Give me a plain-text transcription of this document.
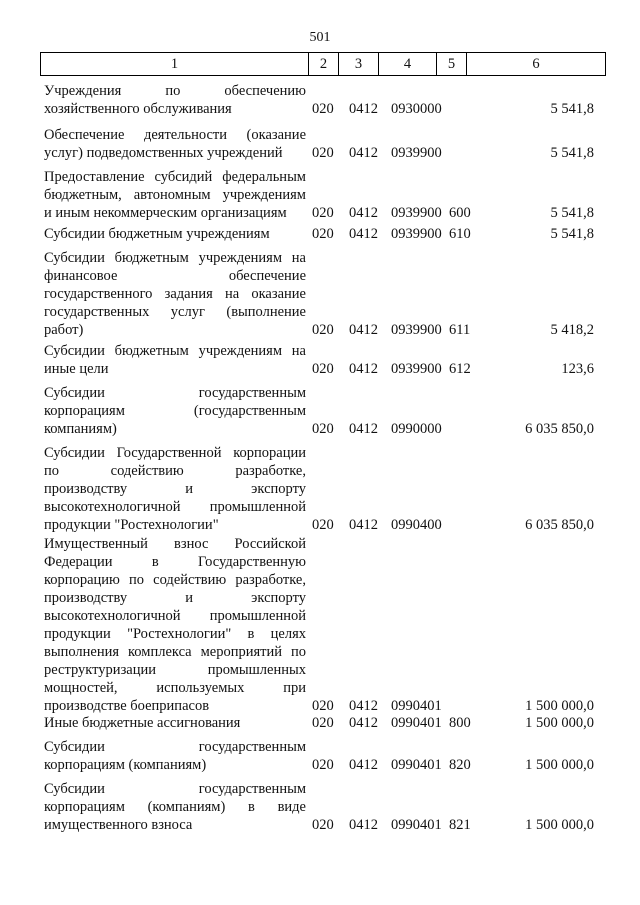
501
1	2	3	4	5	6
Учреждения по обеспечению
хозяйственного обслуживания	020 0412 0930000	5 541,8
Обеспечение деятельности (оказание
услуг) подведомственных учреждений	020 0412 0939900	5 541,8
Предоставление субсидий федеральным
бюджетным, автономным учреждениям
и иным некоммерческим организациям	020 0412 0939900 600	5 541,8
Субсидии бюджетным учреждениям	020 0412 0939900 610	5 541,8
Субсидии бюджетным учреждениям на
финансовое обеспечение
государственного задания на оказание
государственных услуг (выполнение
работ)	020 0412 0939900 611	5 418,2
Субсидии бюджетным учреждениям на
иные цели	020 0412 0939900 612	123,6
Субсидии государственным
корпорациям (государственным
компаниям)	020 0412 0990000	6 035 850,0
Субсидии Государственной корпорации
по содействию разработке,
производству и экспорту
высокотехнологичной промышленной
продукции "Ростехнологии"	020 0412 0990400	6 035 850,0
Имущественный взнос Российской
Федерации в Государственную
корпорацию по содействию разработке,
производству и экспорту
высокотехнологичной промышленной
продукции "Ростехнологии" в целях
выполнения комплекса мероприятий по
реструктуризации промышленных
мощностей, используемых при
производстве боеприпасов	020 0412 0990401	1 500 000,0
Иные бюджетные ассигнования	020 0412 0990401 800	1 500 000,0
Субсидии государственным
корпорациям (компаниям)	020 0412 0990401 820	1 500 000,0
Субсидии государственным
корпорациям (компаниям) в виде
имущественного взноса	020 0412 0990401 821	1 500 000,0
